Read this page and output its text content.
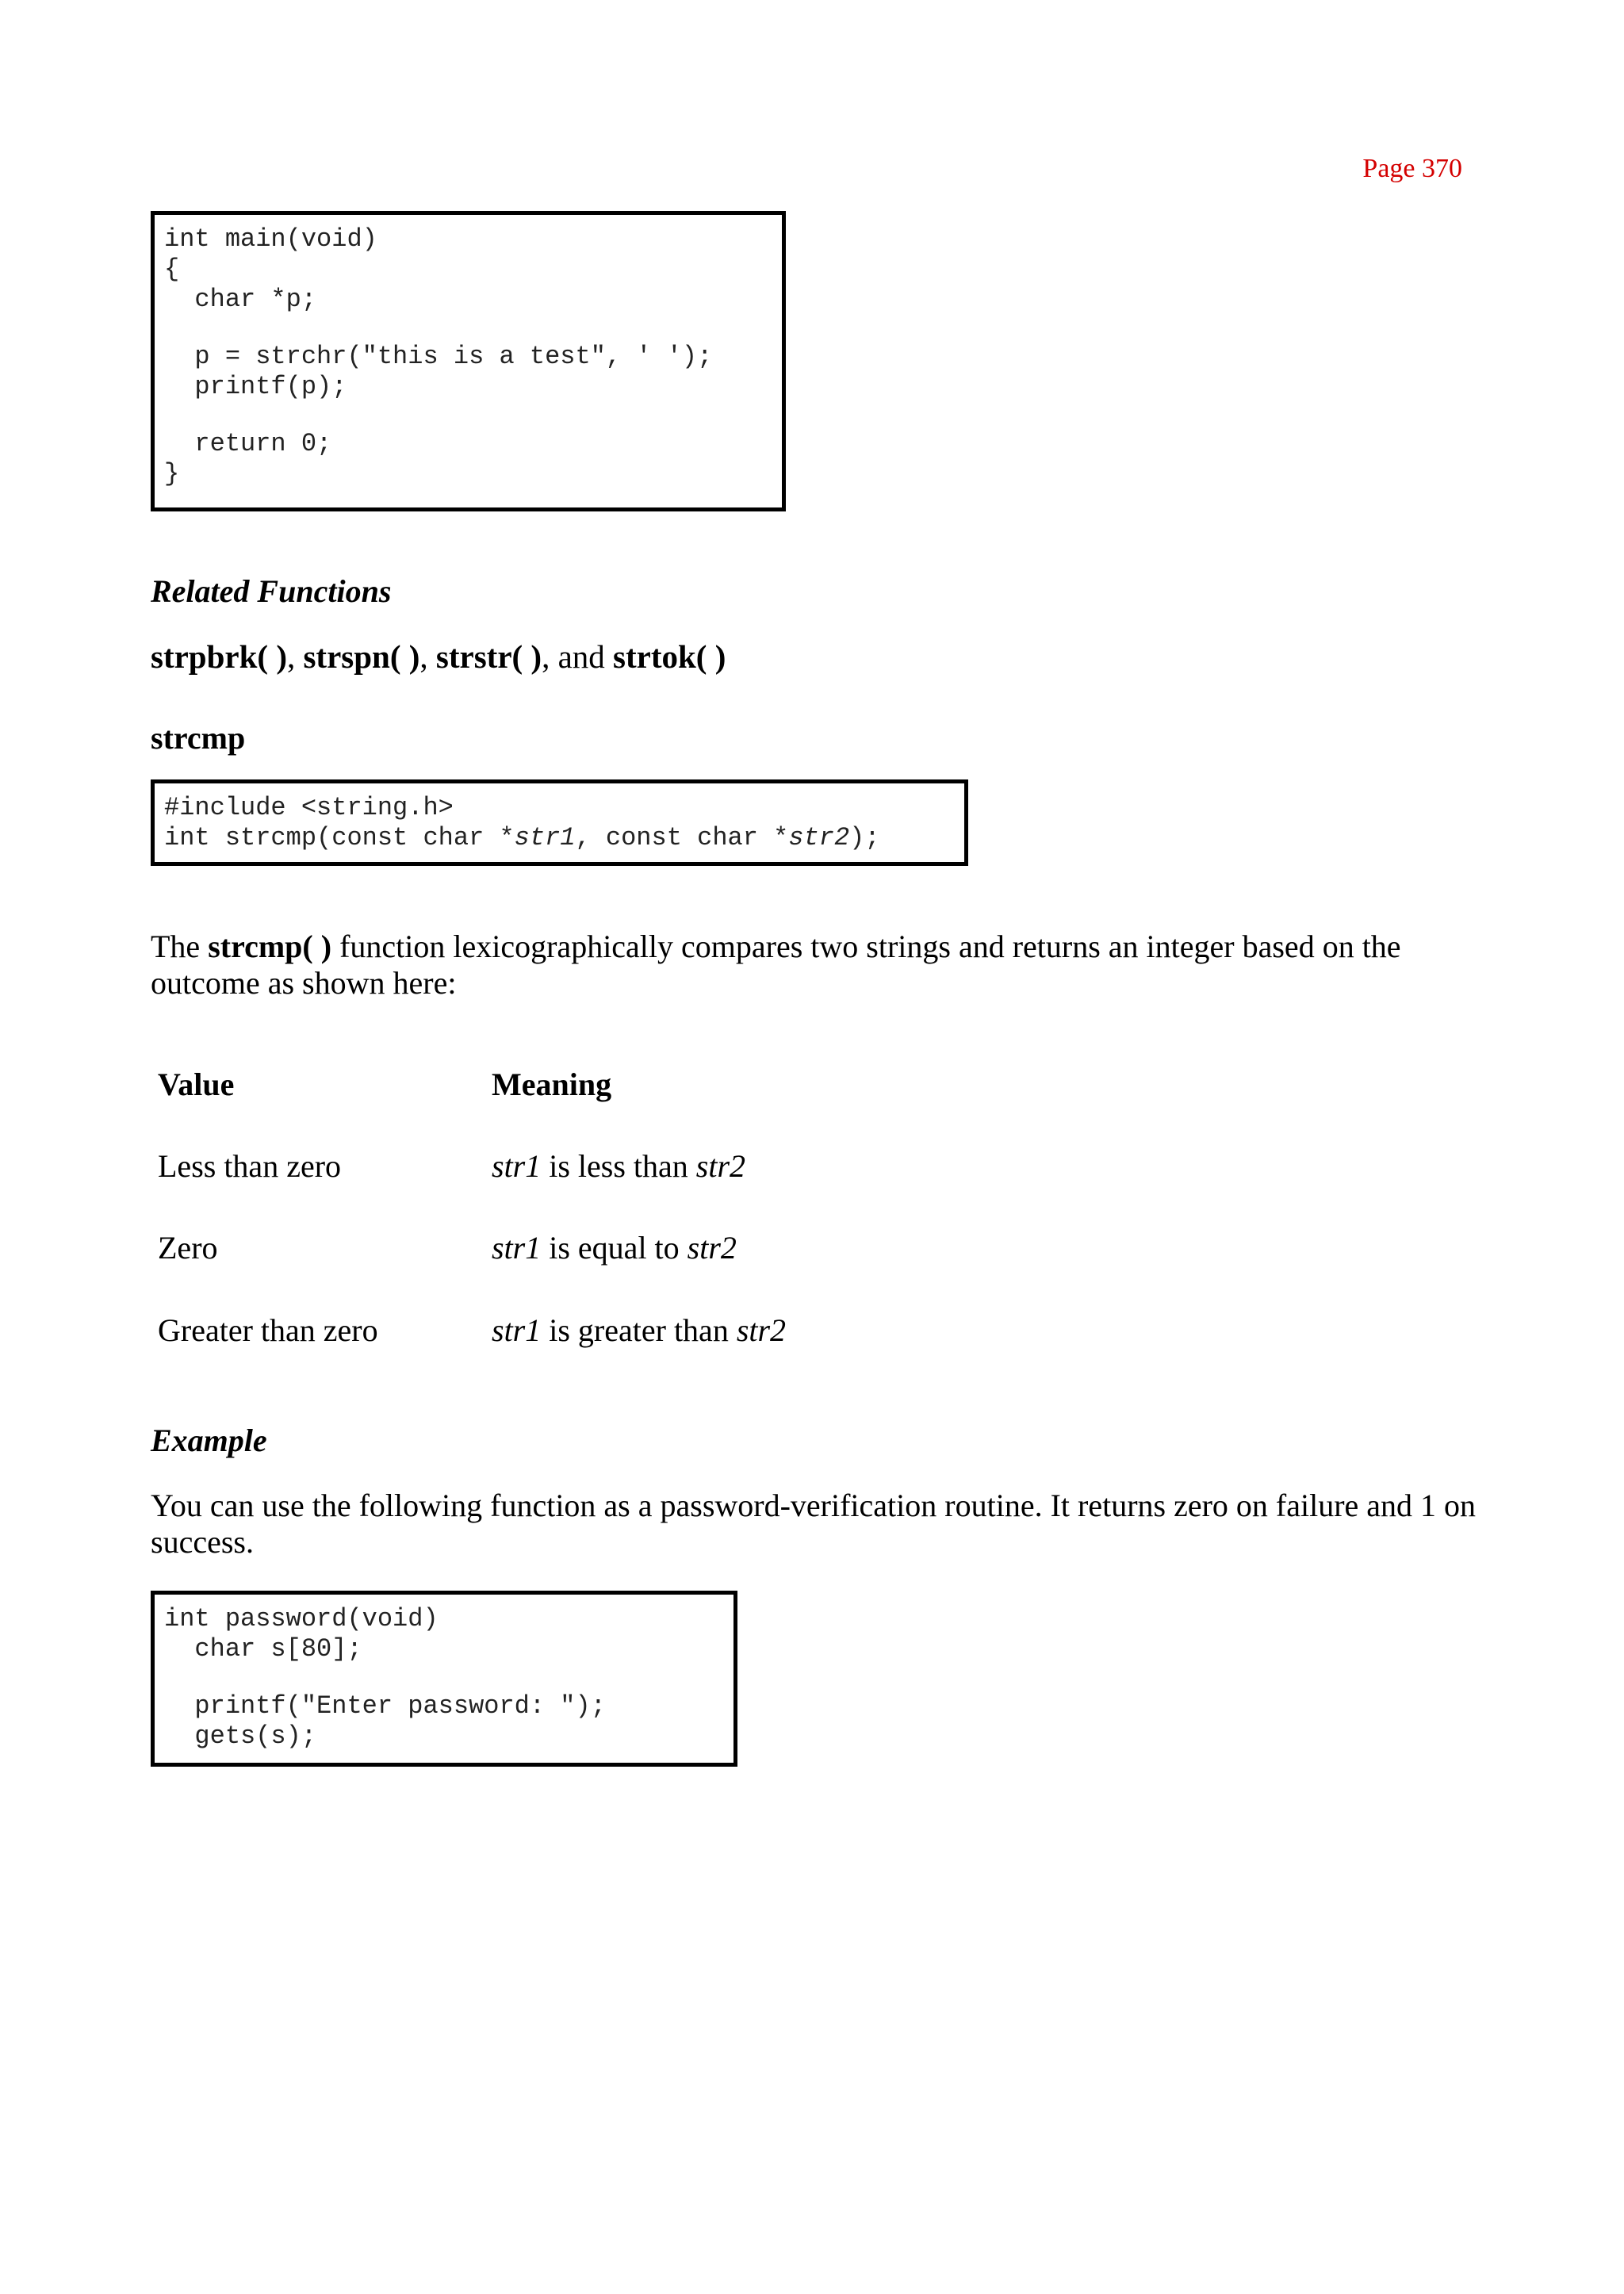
Page 370
int main(void)
{
char *p;
p = strchr("this is a test", ' ');
printf(p);
return 0;
}
Related Functions
strpbrk( ), strspn( ), strstr( ), and strtok( )
strcmp
#include <string.h>
int strcmp(const char *str1, const char *str2);
The strcmp( ) function lexicographically compares two strings and returns an integer based on the outcome as shown here:
Value	Meaning
Less than zero	str1 is less than str2
Zero	str1 is equal to str2
Greater than zero	str1 is greater than str2
Example
You can use the following function as a password-verification routine. It returns zero on failure and 1 on success.
int password(void)
char s[80];
printf("Enter password: ");
gets(s);
